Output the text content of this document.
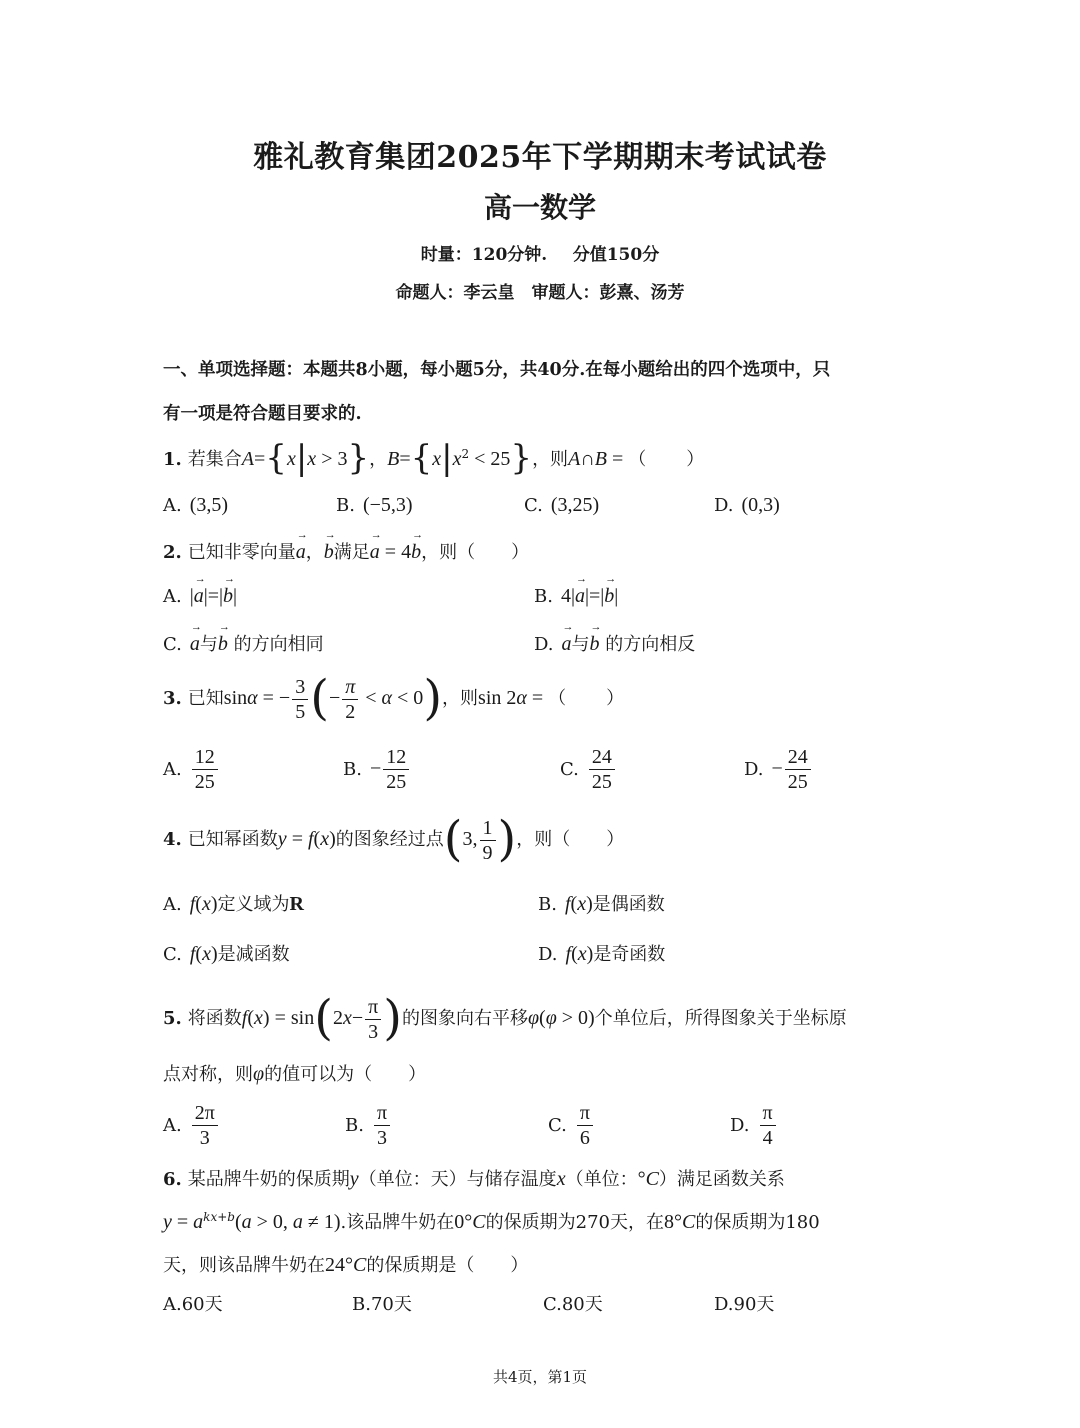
雅礼教育集团2025年下学期期末考试试卷
高一数学
时量：120分钟.   分值150分
命题人：李云皇　审题人：彭熹、汤芳
一、单项选择题：本题共8小题，每小题5分，共40分.在每小题给出的四个选项中，只
有一项是符合题目要求的.
1. 若集合A={x|x > 3}，$B=\{x|x^2 < 25\}$，则A∩B = （ ）
A. (3,5)	B. (−5,3)	C. (3,25)	D. (0,3)
2. 已知非零向量→ a，→ b满足→ a = 4→ b，则（　　）
A. |→ a|=|→ b|	B. 4|→ a|=|→ b|
C. → a与→ b 的方向相同	D. → a与→ b 的方向相反
3. 已知sinα = − $\frac{3}{5}$ (− $\frac{\pi}{2} < \alpha < 0$)，则sin 2α = （ ）
A. $\frac{12}{25}$	B. − $\frac{12}{25}$	C. $\frac{24}{25}$	D. − $\frac{24}{25}$
4. 已知幂函数y = f(x)的图象经过点(3, $\frac{1}{9}$ )，则（　　）
A. f(x)定义域为R	B. f(x)是偶函数
C. f(x)是减函数	D. f(x)是奇函数
5. 将函数$f(x) = \sin(2x- \frac{\pi}{3}$ )的图象向右平移φ(φ > 0)个单位后，所得图象关于坐标原
点对称，则φ的值可以为（　　）
A. $\frac{2\pi}{3}$	B. $\frac{\pi}{3}$	C. $\frac{\pi}{6}$	D. $\frac{\pi}{4}$
6. 某品牌牛奶的保质期y（单位：天）与储存温度x（单位：°C）满足函数关系
$y = a^{kx+b}(a > 0$, a ≠ 1).该品牌牛奶在0°C的保质期为270天，在8°C的保质期为180
天，则该品牌牛奶在24°C的保质期是（　　）
A.60天	B.70天	C.80天	D.90天
共4页，第1页
